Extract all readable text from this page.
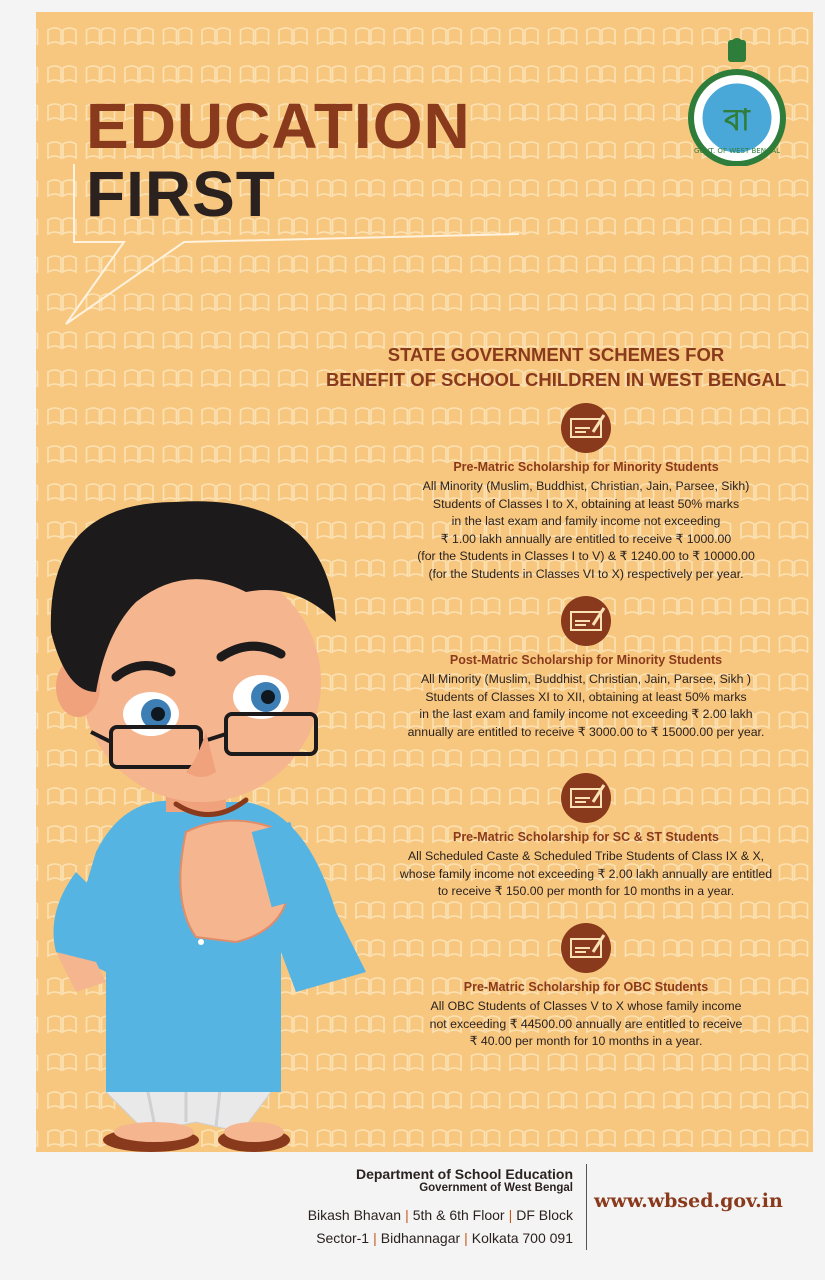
EDUCATION
FIRST
বা
GOVT. OF WEST BENGAL
STATE GOVERNMENT SCHEMES FOR
BENEFIT OF SCHOOL CHILDREN IN WEST BENGAL
Pre-Matric Scholarship for Minority Students

All Minority (Muslim, Buddhist, Christian, Jain, Parsee, Sikh)
Students of Classes I to X, obtaining at least 50% marks
in the last exam and family income not exceeding
₹ 1.00 lakh annually are entitled to receive ₹ 1000.00
(for the Students in Classes I to V) & ₹ 1240.00 to ₹ 10000.00
(for the Students in Classes VI to X) respectively per year.

Post-Matric Scholarship for Minority Students

All Minority (Muslim, Buddhist, Christian, Jain, Parsee, Sikh )
Students of Classes XI to XII, obtaining at least 50% marks
in the last exam and family income not exceeding ₹ 2.00 lakh
annually are entitled to receive ₹ 3000.00 to ₹ 15000.00 per year.

Pre-Matric Scholarship for SC & ST Students

All Scheduled Caste & Scheduled Tribe Students of Class IX & X,
whose family income not exceeding ₹ 2.00 lakh annually are entitled
to receive ₹ 150.00 per month for 10 months in a year.

Pre-Matric Scholarship for OBC Students

All OBC Students of Classes V to X whose family income
not exceeding ₹ 44500.00 annually are entitled to receive
₹ 40.00 per month for 10 months in a year.

Department of School Education
Government of West Bengal
Bikash Bhavan | 5th & 6th Floor | DF Block
Sector-1 | Bidhannagar | Kolkata 700 091
www.wbsed.gov.in
